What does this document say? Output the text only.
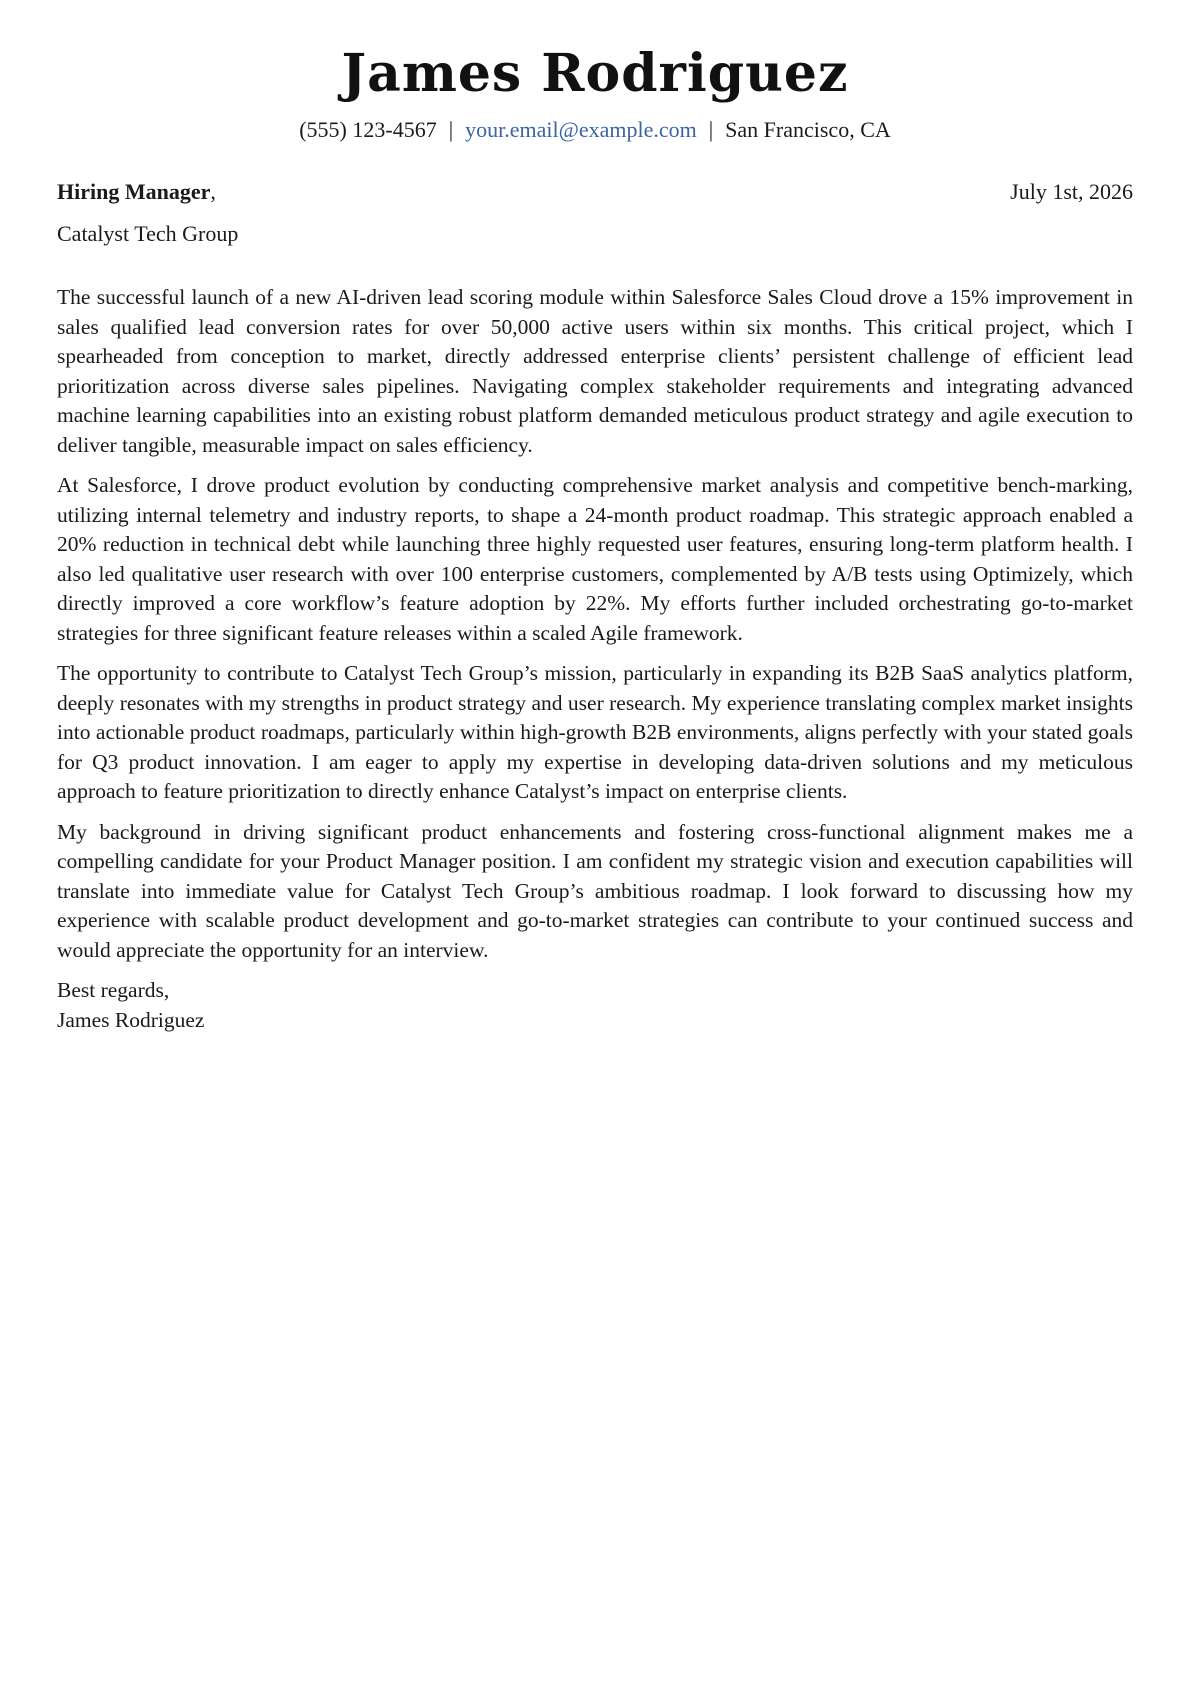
James Rodriguez
(555) 123-4567 | your.email@example.com | San Francisco, CA
Hiring Manager,	July 1st, 2026
Catalyst Tech Group

The successful launch of a new AI-driven lead scoring module within Salesforce Sales Cloud drove a 15% improvement in sales qualified lead conversion rates for over 50,000 active users within six months. This critical project, which I spearheaded from conception to market, directly addressed enterprise clients’ persistent challenge of efficient lead prioritization across diverse sales pipelines. Navigating complex stakeholder requirements and integrating advanced machine learning capabilities into an existing robust platform demanded meticulous product strategy and agile execution to deliver tangible, measurable impact on sales efficiency.

At Salesforce, I drove product evolution by conducting comprehensive market analysis and competitive bench-marking, utilizing internal telemetry and industry reports, to shape a 24-month product roadmap. This strategic approach enabled a 20% reduction in technical debt while launching three highly requested user features, ensuring long-term platform health. I also led qualitative user research with over 100 enterprise customers, complemented by A/B tests using Optimizely, which directly improved a core workflow’s feature adoption by 22%. My efforts further included orchestrating go-to-market strategies for three significant feature releases within a scaled Agile framework.

The opportunity to contribute to Catalyst Tech Group’s mission, particularly in expanding its B2B SaaS analytics platform, deeply resonates with my strengths in product strategy and user research. My experience translating complex market insights into actionable product roadmaps, particularly within high-growth B2B environments, aligns perfectly with your stated goals for Q3 product innovation. I am eager to apply my expertise in developing data-driven solutions and my meticulous approach to feature prioritization to directly enhance Catalyst’s impact on enterprise clients.

My background in driving significant product enhancements and fostering cross-functional alignment makes me a compelling candidate for your Product Manager position. I am confident my strategic vision and execution capabilities will translate into immediate value for Catalyst Tech Group’s ambitious roadmap. I look forward to discussing how my experience with scalable product development and go-to-market strategies can contribute to your continued success and would appreciate the opportunity for an interview.

Best regards,
James Rodriguez
